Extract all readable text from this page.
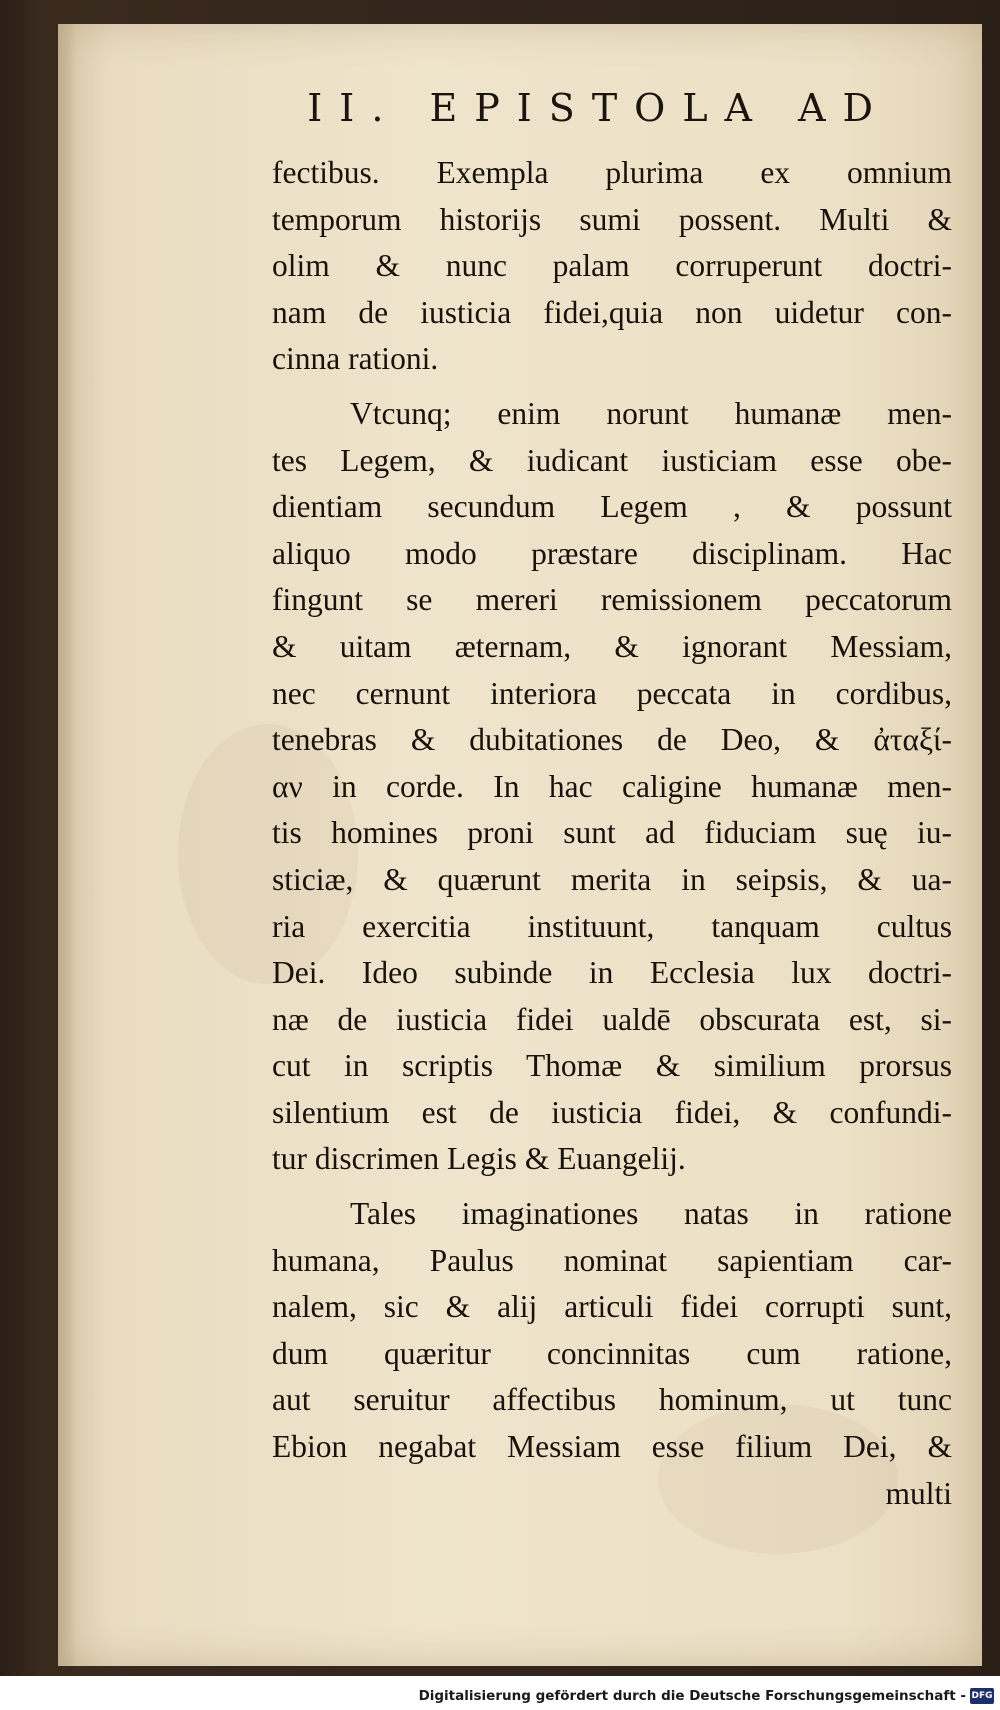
II. EPISTOLA AD
fectibus. Exempla plurima ex omnium
temporum historijs sumi possent. Multi &
olim & nunc palam corruperunt doctri-
nam de iusticia fidei,quia non uidetur con-
cinna rationi.
Vtcunq; enim norunt humanæ men-
tes Legem, & iudicant iusticiam esse obe-
dientiam secundum Legem , & possunt
aliquo modo præstare disciplinam. Hac
fingunt se mereri remissionem peccatorum
& uitam æternam, & ignorant Messiam,
nec cernunt interiora peccata in cordibus,
tenebras & dubitationes de Deo, & ἀταξί-
αν in corde. In hac caligine humanæ men-
tis homines proni sunt ad fiduciam suę iu-
sticiæ, & quærunt merita in seipsis, & ua-
ria exercitia instituunt, tanquam cultus
Dei. Ideo subinde in Ecclesia lux doctri-
næ de iusticia fidei ualdē obscurata est, si-
cut in scriptis Thomæ & similium prorsus
silentium est de iusticia fidei, & confundi-
tur discrimen Legis & Euangelij.
Tales imaginationes natas in ratione
humana, Paulus nominat sapientiam car-
nalem, sic & alij articuli fidei corrupti sunt,
dum quæritur concinnitas cum ratione,
aut seruitur affectibus hominum, ut tunc
Ebion negabat Messiam esse filium Dei, &
multi
Digitalisierung gefördert durch die Deutsche Forschungsgemeinschaft - DFG
